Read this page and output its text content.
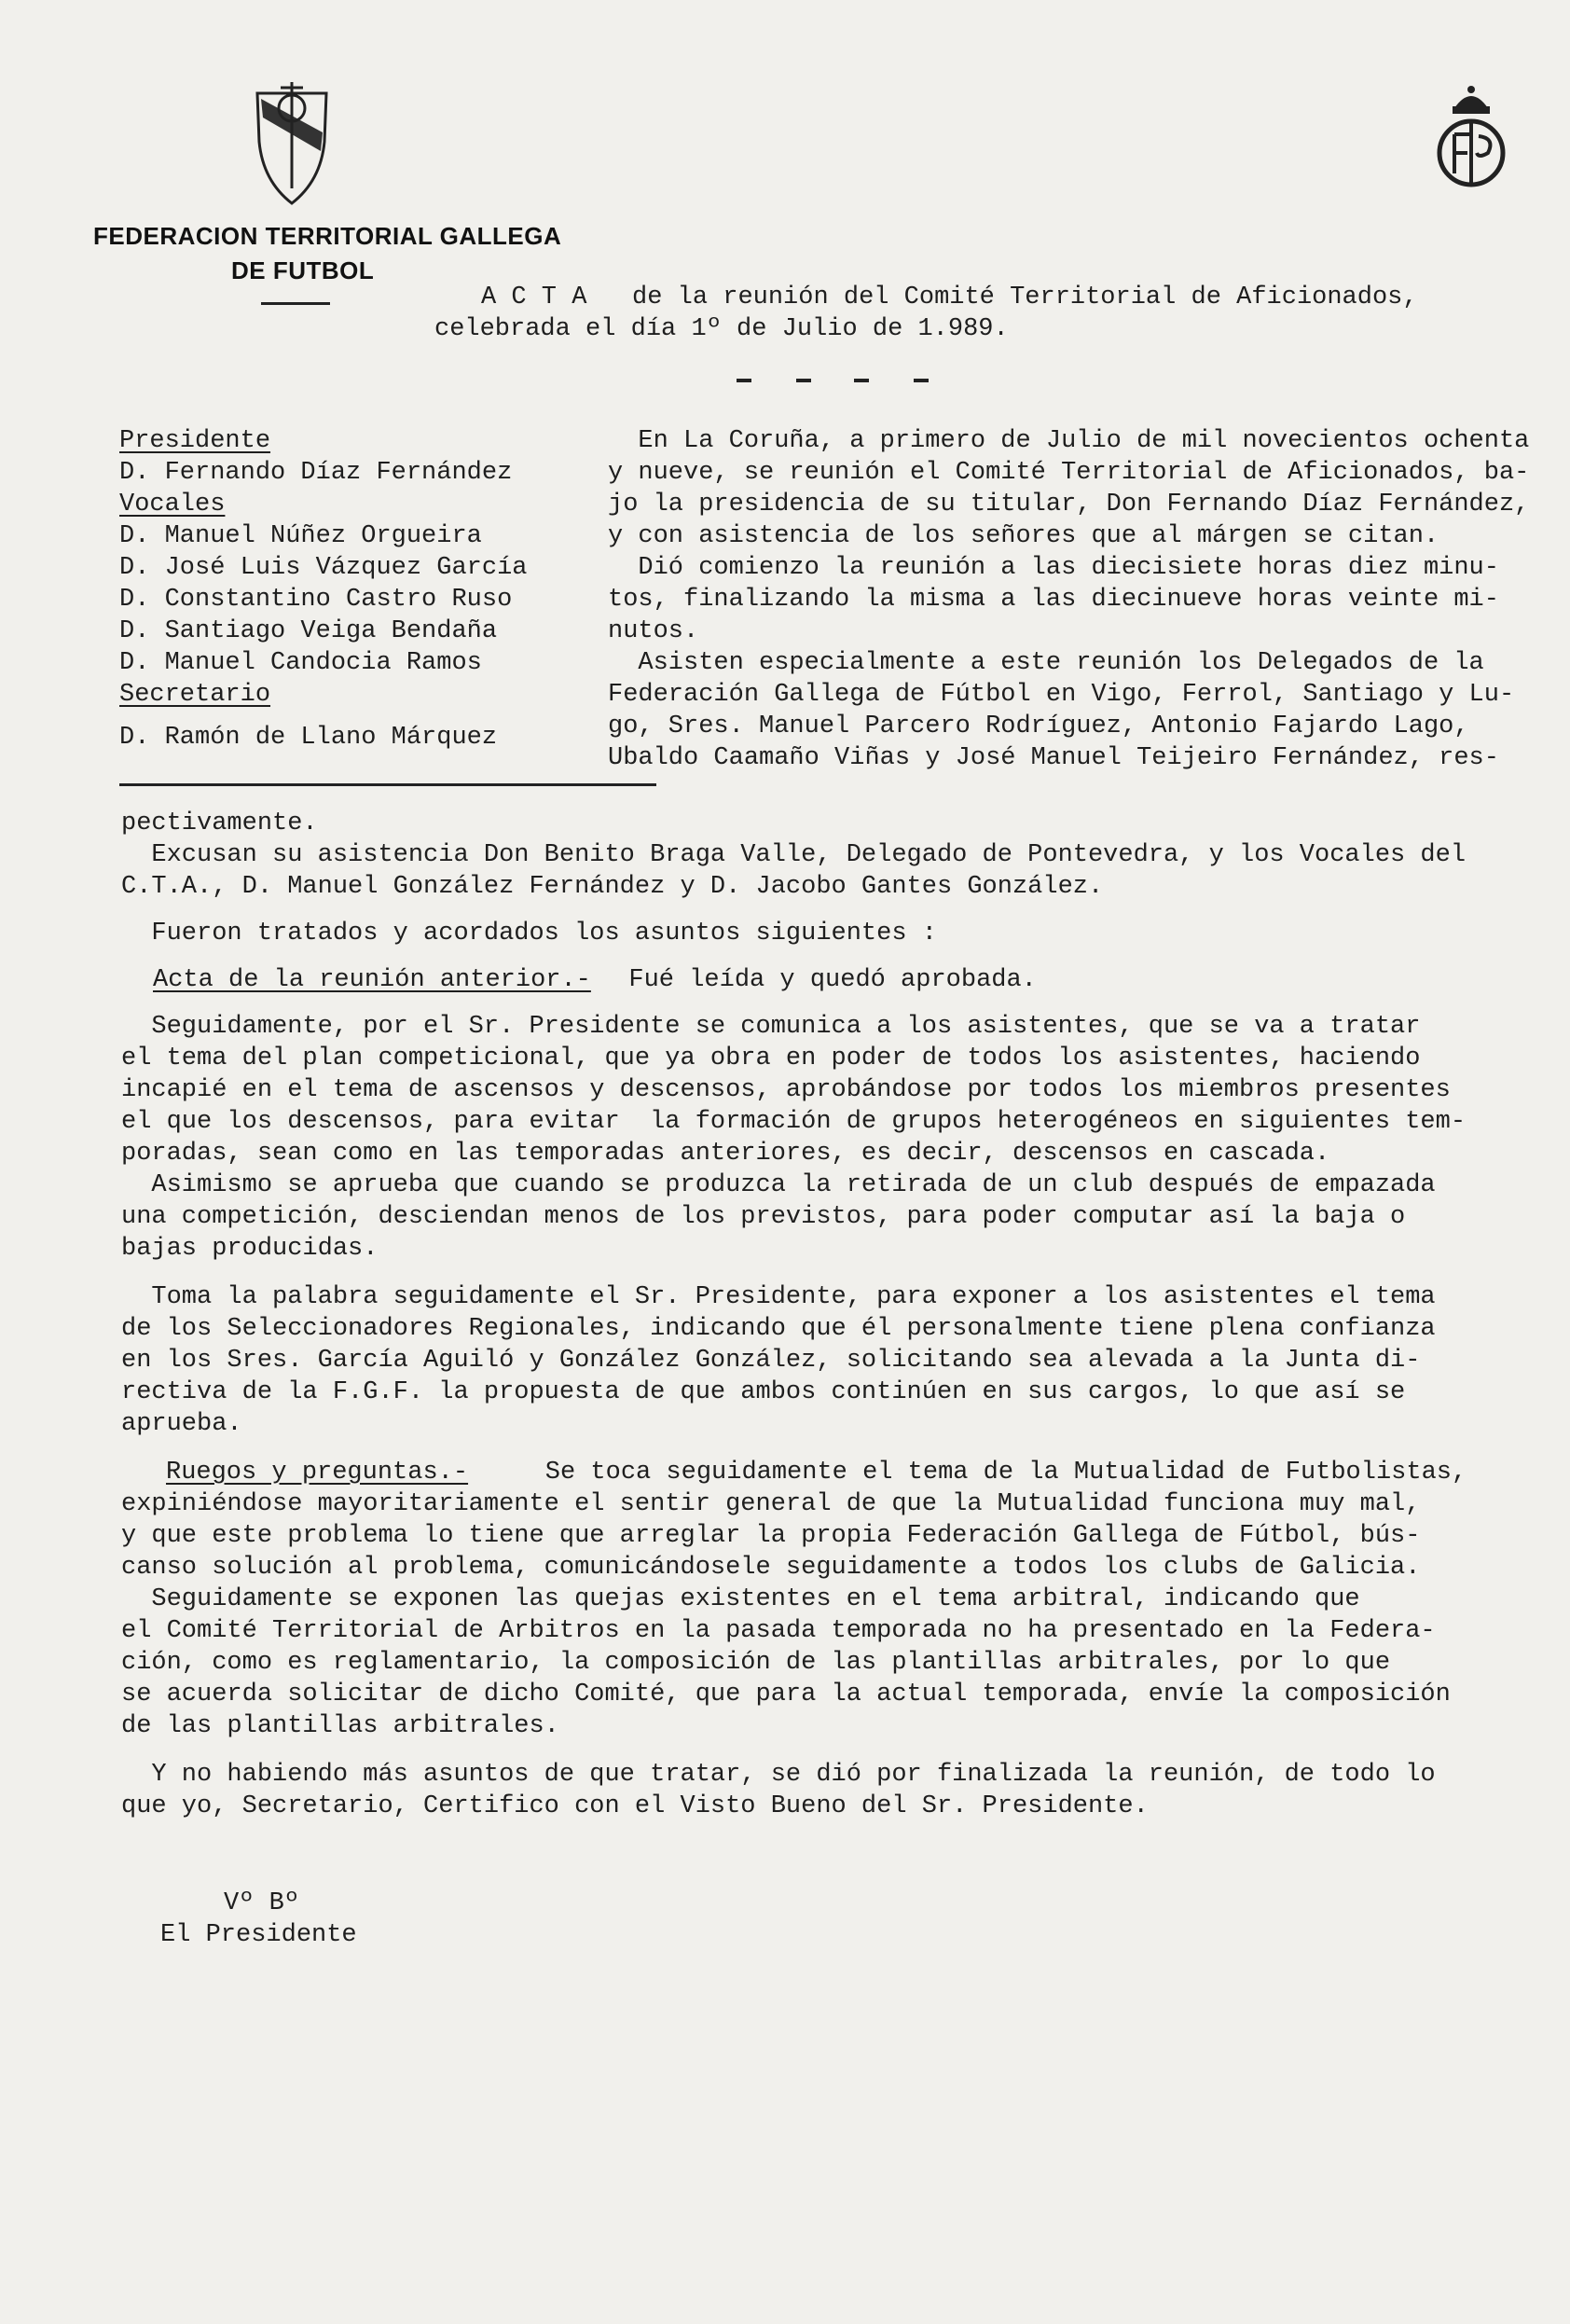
FEDERACION TERRITORIAL GALLEGA
DE FUTBOL
A C T A   de la reunión del Comité Territorial de Aficionados,
celebrada el día 1º de Julio de 1.989.
Presidente
D. Fernando Díaz Fernández
Vocales
D. Manuel Núñez Orgueira
D. José Luis Vázquez García
D. Constantino Castro Ruso
D. Santiago Veiga Bendaña
D. Manuel Candocia Ramos
Secretario
D. Ramón de Llano Márquez
En La Coruña, a primero de Julio de mil novecientos ochenta
y nueve, se reunión el Comité Territorial de Aficionados, ba-
jo la presidencia de su titular, Don Fernando Díaz Fernández,
y con asistencia de los señores que al márgen se citan.
Dió comienzo la reunión a las diecisiete horas diez minu-
tos, finalizando la misma a las diecinueve horas veinte mi-
nutos.
Asisten especialmente a este reunión los Delegados de la
Federación Gallega de Fútbol en Vigo, Ferrol, Santiago y Lu-
go, Sres. Manuel Parcero Rodríguez, Antonio Fajardo Lago,
Ubaldo Caamaño Viñas y José Manuel Teijeiro Fernández, res-
pectivamente.
Excusan su asistencia Don Benito Braga Valle, Delegado de Pontevedra, y los Vocales del
C.T.A., D. Manuel González Fernández y D. Jacobo Gantes González.
Fueron tratados y acordados los asuntos siguientes :
Acta de la reunión anterior.- Fué leída y quedó aprobada.
Seguidamente, por el Sr. Presidente se comunica a los asistentes, que se va a tratar
el tema del plan competicional, que ya obra en poder de todos los asistentes, haciendo
incapié en el tema de ascensos y descensos, aprobándose por todos los miembros presentes
el que los descensos, para evitar  la formación de grupos heterogéneos en siguientes tem-
poradas, sean como en las temporadas anteriores, es decir, descensos en cascada.
Asimismo se aprueba que cuando se produzca la retirada de un club después de empazada
una competición, desciendan menos de los previstos, para poder computar así la baja o
bajas producidas.
Toma la palabra seguidamente el Sr. Presidente, para exponer a los asistentes el tema
de los Seleccionadores Regionales, indicando que él personalmente tiene plena confianza
en los Sres. García Aguiló y González González, solicitando sea alevada a la Junta di-
rectiva de la F.G.F. la propuesta de que ambos continúen en sus cargos, lo que así se
aprueba.
Ruegos y preguntas.- Se toca seguidamente el tema de la Mutualidad de Futbolistas,
expiniéndose mayoritariamente el sentir general de que la Mutualidad funciona muy mal,
y que este problema lo tiene que arreglar la propia Federación Gallega de Fútbol, bús-
canso solución al problema, comunicándosele seguidamente a todos los clubs de Galicia.
Seguidamente se exponen las quejas existentes en el tema arbitral, indicando que
el Comité Territorial de Arbitros en la pasada temporada no ha presentado en la Federa-
ción, como es reglamentario, la composición de las plantillas arbitrales, por lo que
se acuerda solicitar de dicho Comité, que para la actual temporada, envíe la composición
de las plantillas arbitrales.
Y no habiendo más asuntos de que tratar, se dió por finalizada la reunión, de todo lo
que yo, Secretario, Certifico con el Visto Bueno del Sr. Presidente.
Vº Bº
El Presidente
